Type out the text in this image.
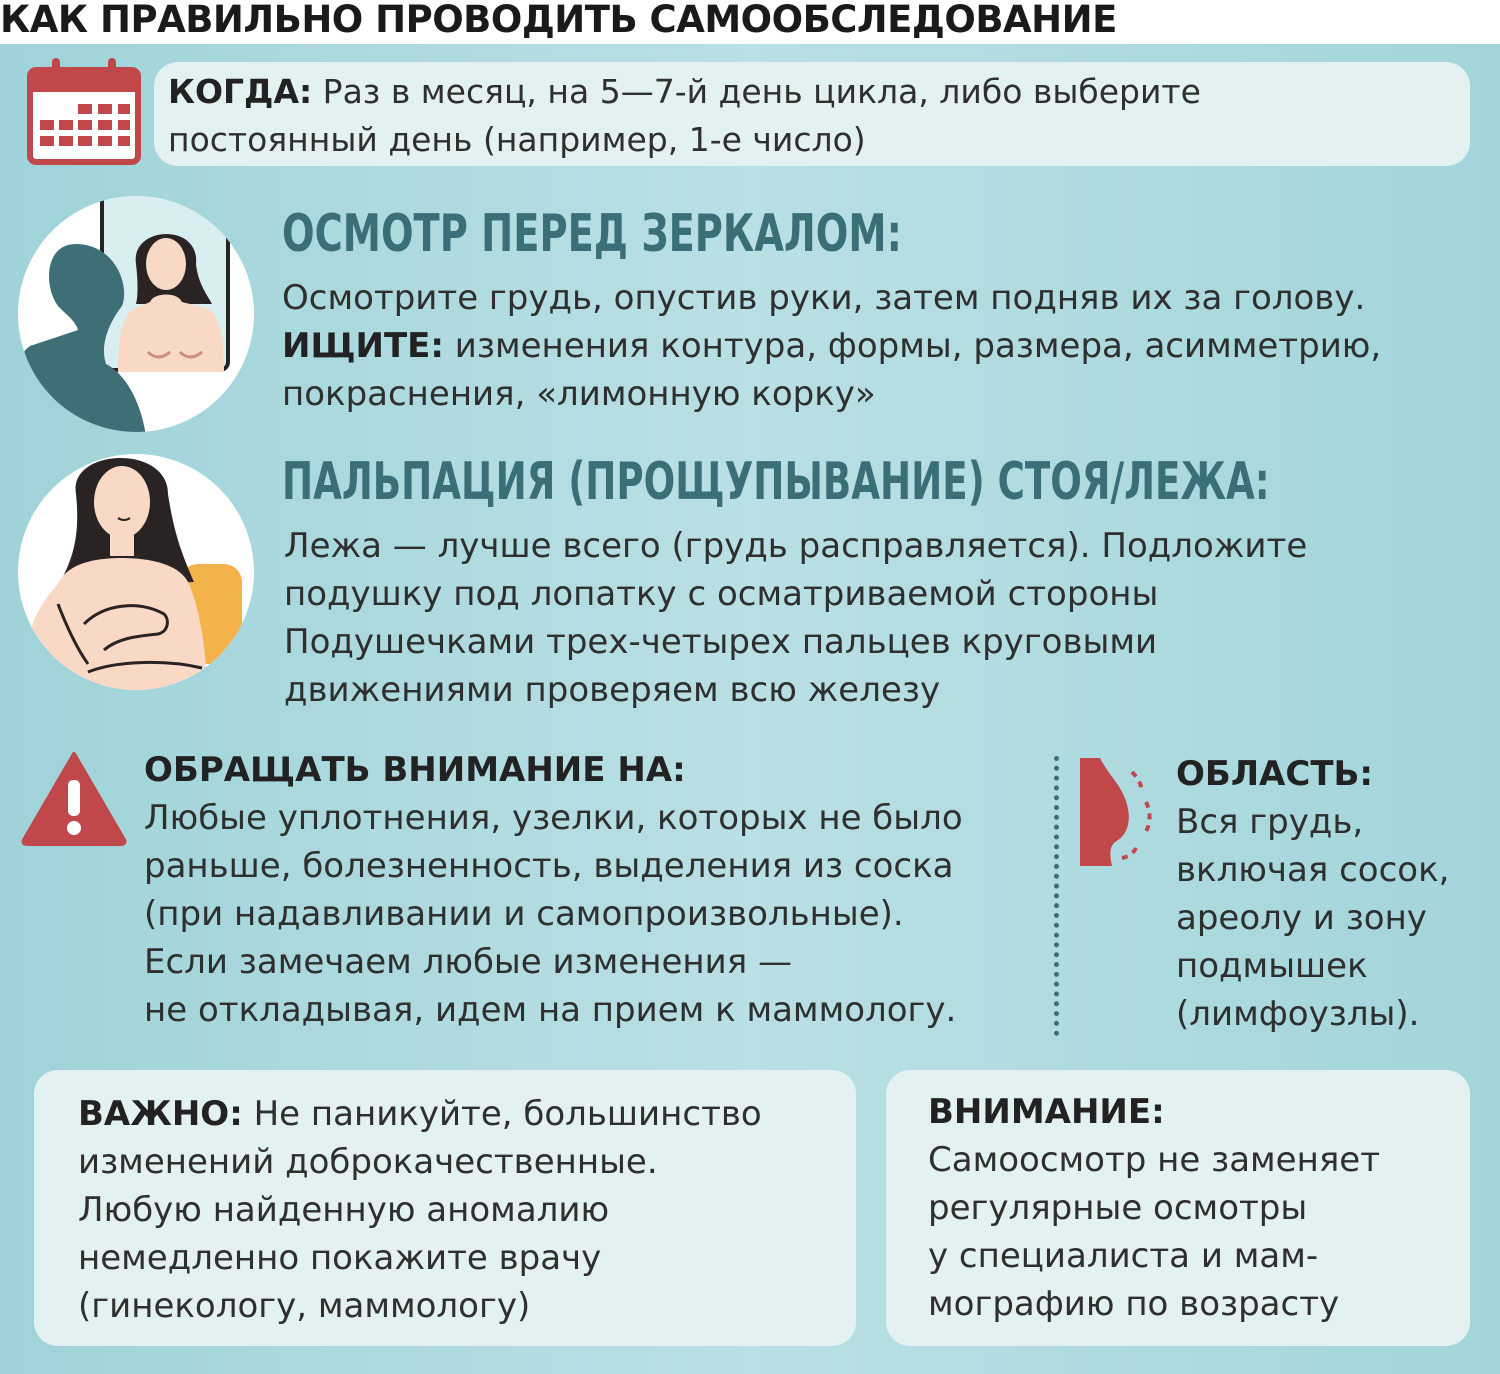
КАК ПРАВИЛЬНО ПРОВОДИТЬ САМООБСЛЕДОВАНИЕ
КОГДА: Раз в месяц, на 5—7-й день цикла, либо выберите
постоянный день (например, 1-е число)
ОСМОТР ПЕРЕД ЗЕРКАЛОМ:
Осмотрите грудь, опустив руки, затем подняв их за голову.
ИЩИТЕ: изменения контура, формы, размера, асимметрию,
покраснения, «лимонную корку»
ПАЛЬПАЦИЯ (ПРОЩУПЫВАНИЕ) СТОЯ/ЛЕЖА:
Лежа — лучше всего (грудь расправляется). Подложите
подушку под лопатку с осматриваемой стороны
Подушечками трех-четырех пальцев круговыми
движениями проверяем всю железу
ОБРАЩАТЬ ВНИМАНИЕ НА:
Любые уплотнения, узелки, которых не было
раньше, болезненность, выделения из соска
(при надавливании и самопроизвольные).
Если замечаем любые изменения —
не откладывая, идем на прием к маммологу.
ОБЛАСТЬ:
Вся грудь,
включая сосок,
ареолу и зону
подмышек
(лимфоузлы).
ВАЖНО: Не паникуйте, большинство
изменений доброкачественные.
Любую найденную аномалию
немедленно покажите врачу
(гинекологу, маммологу)
ВНИМАНИЕ:
Самоосмотр не заменяет
регулярные осмотры
у специалиста и мам-
мографию по возрасту
